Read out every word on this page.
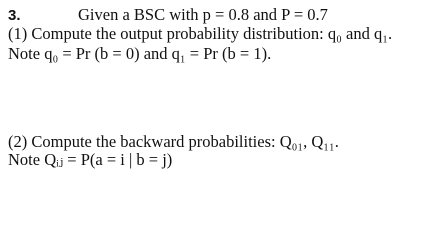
3.	Given a BSC with p = 0.8 and P = 0.7
(1) Compute the output probability distribution: q₀ and q₁.
Note q₀ = Pr (b = 0) and q₁ = Pr (b = 1).
(2) Compute the backward probabilities: Q₀₁, Q₁₁.
Note Qᵢⱼ = P(a = i | b = j)
